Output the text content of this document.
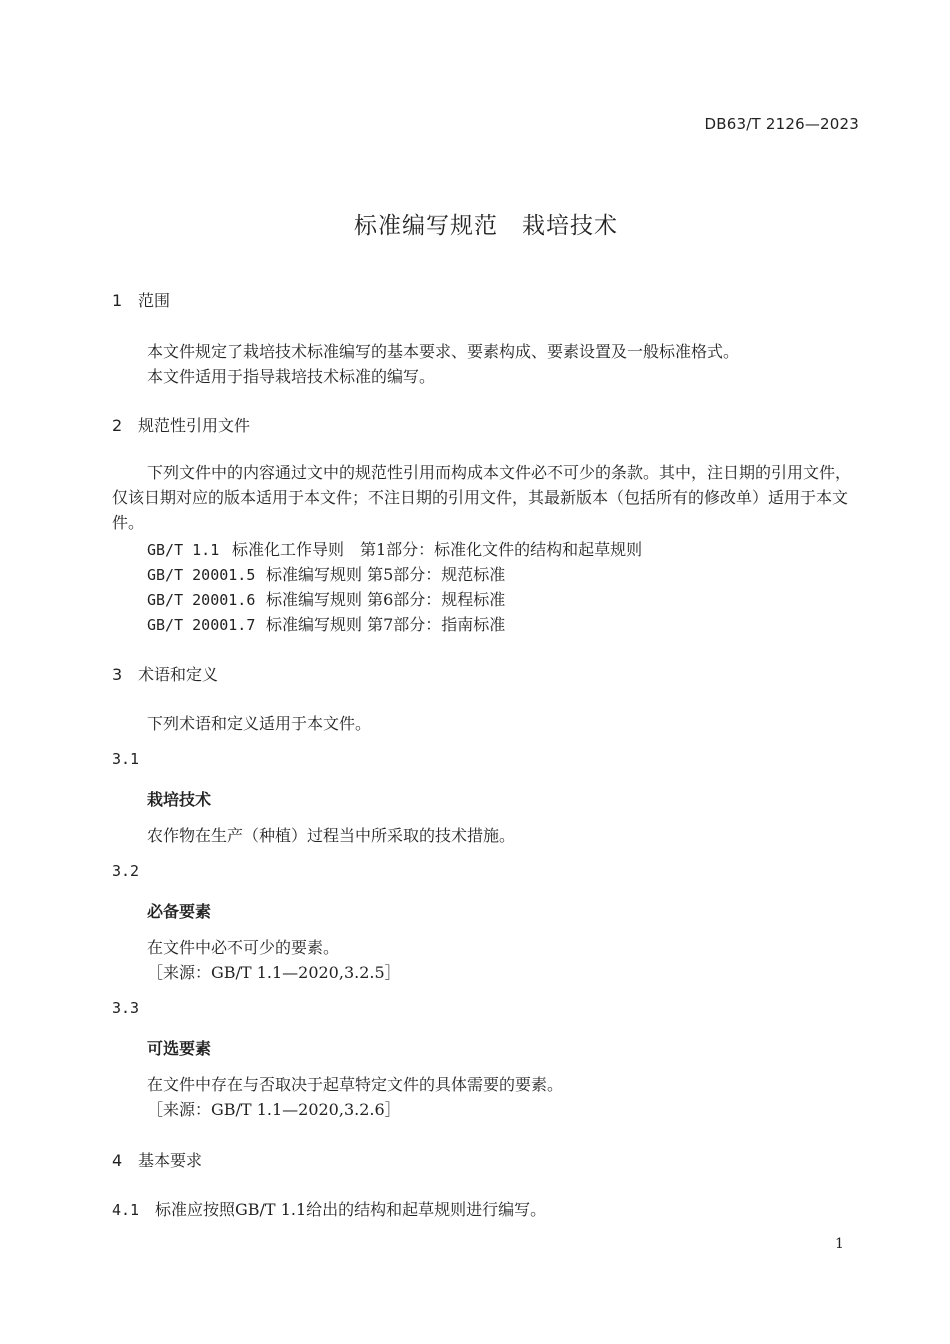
DB63/T 2126—2023
标准编写规范　栽培技术
1 范围
本文件规定了栽培技术标准编写的基本要求、要素构成、要素设置及一般标准格式。
本文件适用于指导栽培技术标准的编写。
2 规范性引用文件
下列文件中的内容通过文中的规范性引用而构成本文件必不可少的条款。其中，注日期的引用文件，仅该日期对应的版本适用于本文件；不注日期的引用文件，其最新版本（包括所有的修改单）适用于本文件。
GB/T 1.1 标准化工作导则　第1部分：标准化文件的结构和起草规则
GB/T 20001.5 标准编写规则 第5部分：规范标准
GB/T 20001.6 标准编写规则 第6部分：规程标准
GB/T 20001.7 标准编写规则 第7部分：指南标准
3 术语和定义
下列术语和定义适用于本文件。
3.1
栽培技术
农作物在生产（种植）过程当中所采取的技术措施。
3.2
必备要素
在文件中必不可少的要素。
［来源：GB/T 1.1—2020,3.2.5］
3.3
可选要素
在文件中存在与否取决于起草特定文件的具体需要的要素。
［来源：GB/T 1.1—2020,3.2.6］
4 基本要求
4.1 标准应按照GB/T 1.1给出的结构和起草规则进行编写。
1
